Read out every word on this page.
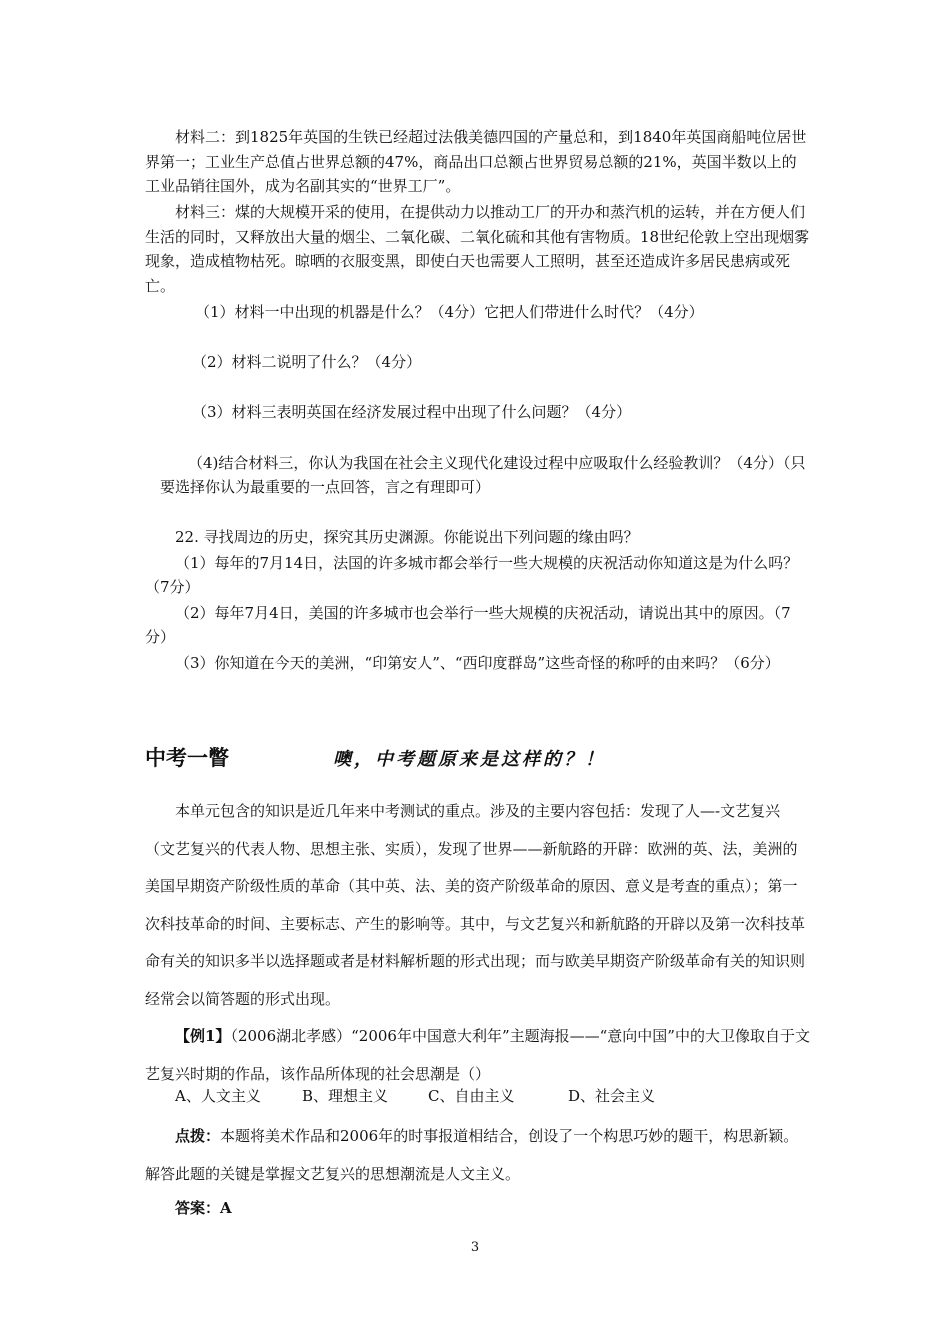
材料二：到1825年英国的生铁已经超过法俄美德四国的产量总和，到1840年英国商船吨位居世界第一；工业生产总值占世界总额的47%，商品出口总额占世界贸易总额的21%，英国半数以上的工业品销往国外，成为名副其实的“世界工厂”。

材料三：煤的大规模开采的使用，在提供动力以推动工厂的开办和蒸汽机的运转，并在方便人们生活的同时，又释放出大量的烟尘、二氧化碳、二氧化硫和其他有害物质。18世纪伦敦上空出现烟雾现象，造成植物枯死。晾晒的衣服变黑，即使白天也需要人工照明，甚至还造成许多居民患病或死亡。

（1）材料一中出现的机器是什么？（4分）它把人们带进什么时代？（4分）

（2）材料二说明了什么？（4分）

（3）材料三表明英国在经济发展过程中出现了什么问题？（4分）

（4)结合材料三，你认为我国在社会主义现代化建设过程中应吸取什么经验教训？（4分）（只要选择你认为最重要的一点回答，言之有理即可）

22. 寻找周边的历史，探究其历史渊源。你能说出下列问题的缘由吗？

（1）每年的7月14日，法国的许多城市都会举行一些大规模的庆祝活动你知道这是为什么吗？（7分）

（2）每年7月4日，美国的许多城市也会举行一些大规模的庆祝活动，请说出其中的原因。（7分）

（3）你知道在今天的美洲，“印第安人”、“西印度群岛”这些奇怪的称呼的由来吗？（6分）

中考一瞥	噢，中考题原来是这样的？！

本单元包含的知识是近几年来中考测试的重点。涉及的主要内容包括：发现了人—-文艺复兴（文艺复兴的代表人物、思想主张、实质），发现了世界——新航路的开辟：欧洲的英、法，美洲的美国早期资产阶级性质的革命（其中英、法、美的资产阶级革命的原因、意义是考查的重点）；第一次科技革命的时间、主要标志、产生的影响等。其中，与文艺复兴和新航路的开辟以及第一次科技革命有关的知识多半以选择题或者是材料解析题的形式出现；而与欧美早期资产阶级革命有关的知识则经常会以简答题的形式出现。

【例1】（2006湖北孝感）“2006年中国意大利年”主题海报——“意向中国”中的大卫像取自于文艺复兴时期的作品，该作品所体现的社会思潮是（）

A、人文主义	B、理想主义	C、自由主义	D、社会主义

点拨：本题将美术作品和2006年的时事报道相结合，创设了一个构思巧妙的题干，构思新颖。解答此题的关键是掌握文艺复兴的思想潮流是人文主义。

答案：A

3
